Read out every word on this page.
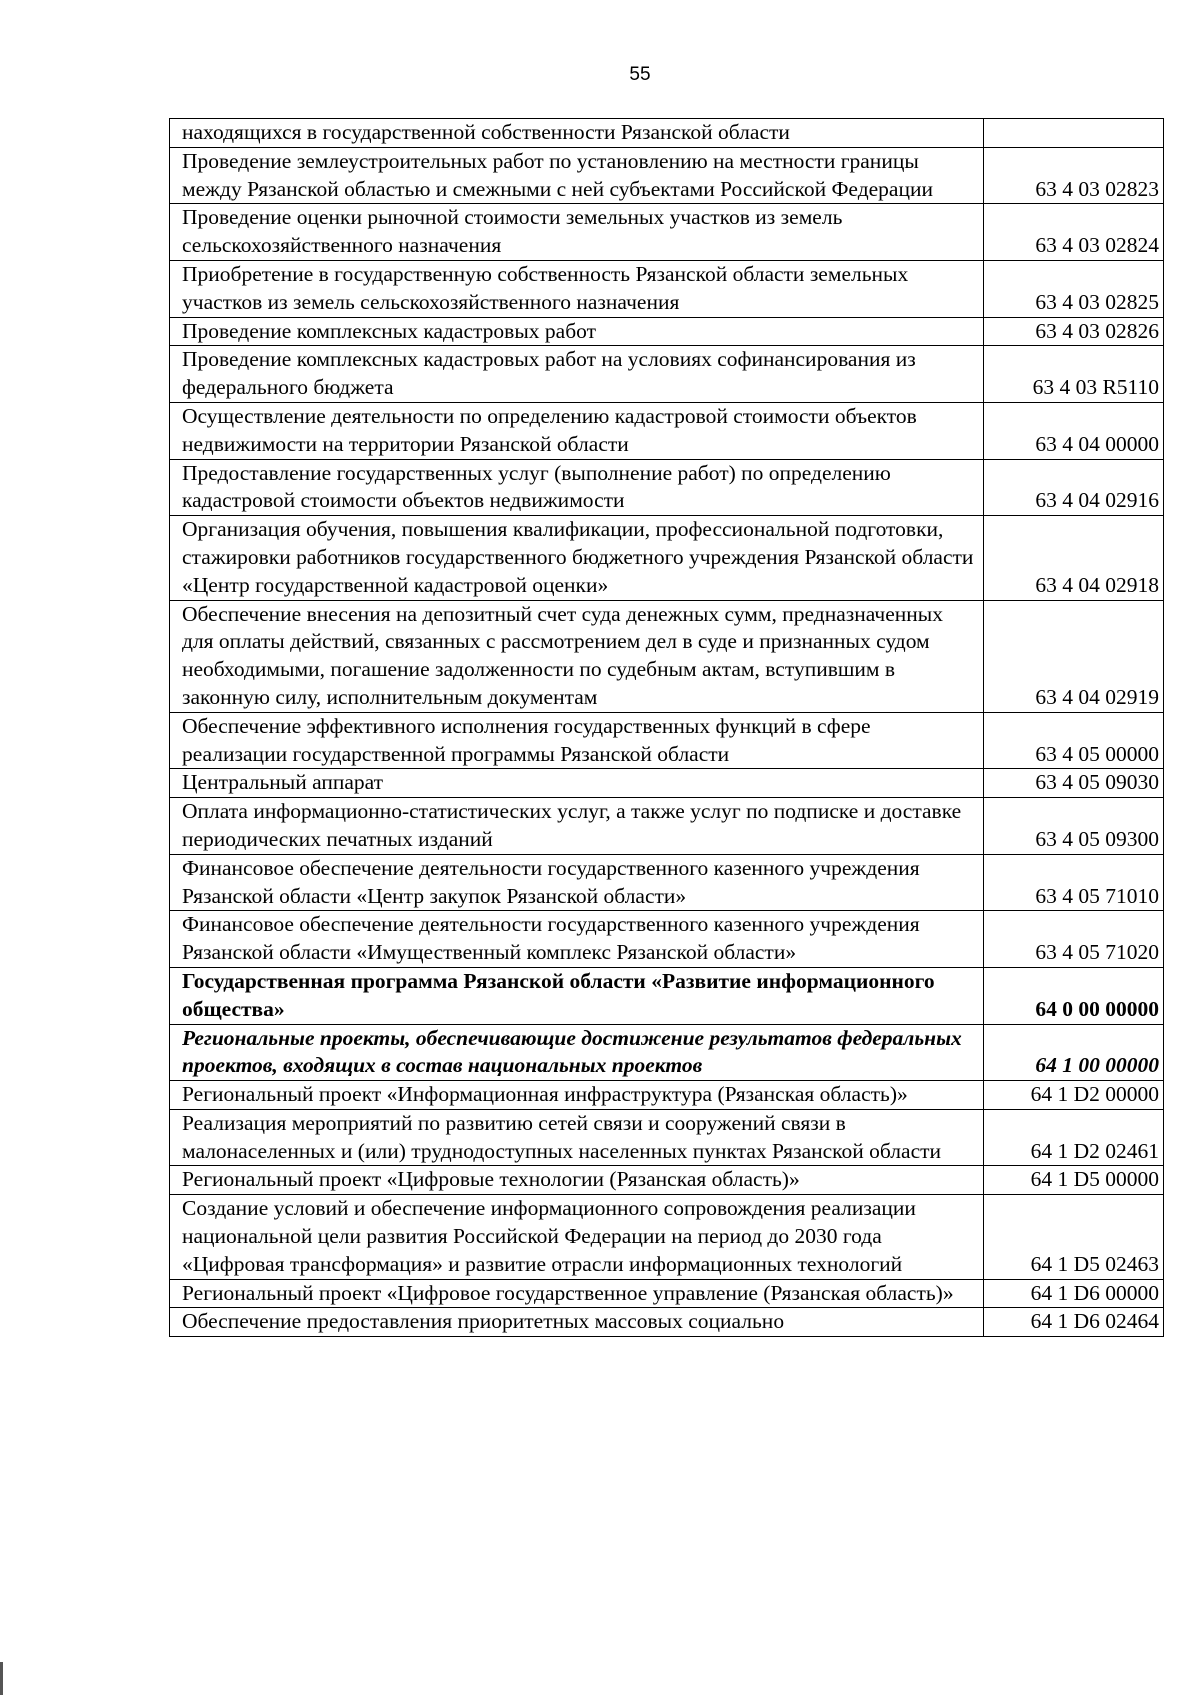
55
находящихся в государственной собственности Рязанской области	
Проведение землеустроительных работ по установлению на местности границы между Рязанской областью и смежными с ней субъектами Российской Федерации	63 4 03 02823
Проведение оценки рыночной стоимости земельных участков из земель сельскохозяйственного назначения	63 4 03 02824
Приобретение в государственную собственность Рязанской области земельных участков из земель сельскохозяйственного назначения	63 4 03 02825
Проведение комплексных кадастровых работ	63 4 03 02826
Проведение комплексных кадастровых работ на условиях софинансирования из федерального бюджета	63 4 03 R5110
Осуществление деятельности по определению кадастровой стоимости объектов недвижимости на территории Рязанской области	63 4 04 00000
Предоставление государственных услуг (выполнение работ) по определению кадастровой стоимости объектов недвижимости	63 4 04 02916
Организация обучения, повышения квалификации, профессиональной подготовки, стажировки работников государственного бюджетного учреждения Рязанской области «Центр государственной кадастровой оценки»	63 4 04 02918
Обеспечение внесения на депозитный счет суда денежных сумм, предназначенных для оплаты действий, связанных с рассмотрением дел в суде и признанных судом необходимыми, погашение задолженности по судебным актам, вступившим в законную силу, исполнительным документам	63 4 04 02919
Обеспечение эффективного исполнения государственных функций в сфере реализации государственной программы Рязанской области	63 4 05 00000
Центральный аппарат	63 4 05 09030
Оплата информационно-статистических услуг, а также услуг по подписке и доставке периодических печатных изданий	63 4 05 09300
Финансовое обеспечение деятельности государственного казенного учреждения Рязанской области «Центр закупок Рязанской области»	63 4 05 71010
Финансовое обеспечение деятельности государственного казенного учреждения Рязанской области «Имущественный комплекс Рязанской области»	63 4 05 71020
Государственная программа Рязанской области «Развитие информационного общества»	64 0 00 00000
Региональные проекты, обеспечивающие достижение результатов федеральных проектов, входящих в состав национальных проектов	64 1 00 00000
Региональный проект «Информационная инфраструктура (Рязанская область)»	64 1 D2 00000
Реализация мероприятий по развитию сетей связи и сооружений связи в малонаселенных и (или) труднодоступных населенных пунктах Рязанской области	64 1 D2 02461
Региональный проект «Цифровые технологии (Рязанская область)»	64 1 D5 00000
Создание условий и обеспечение информационного сопровождения реализации национальной цели развития Российской Федерации на период до 2030 года «Цифровая трансформация» и развитие отрасли информационных технологий	64 1 D5 02463
Региональный проект «Цифровое государственное управление (Рязанская область)»	64 1 D6 00000
Обеспечение предоставления приоритетных массовых социально	64 1 D6 02464
